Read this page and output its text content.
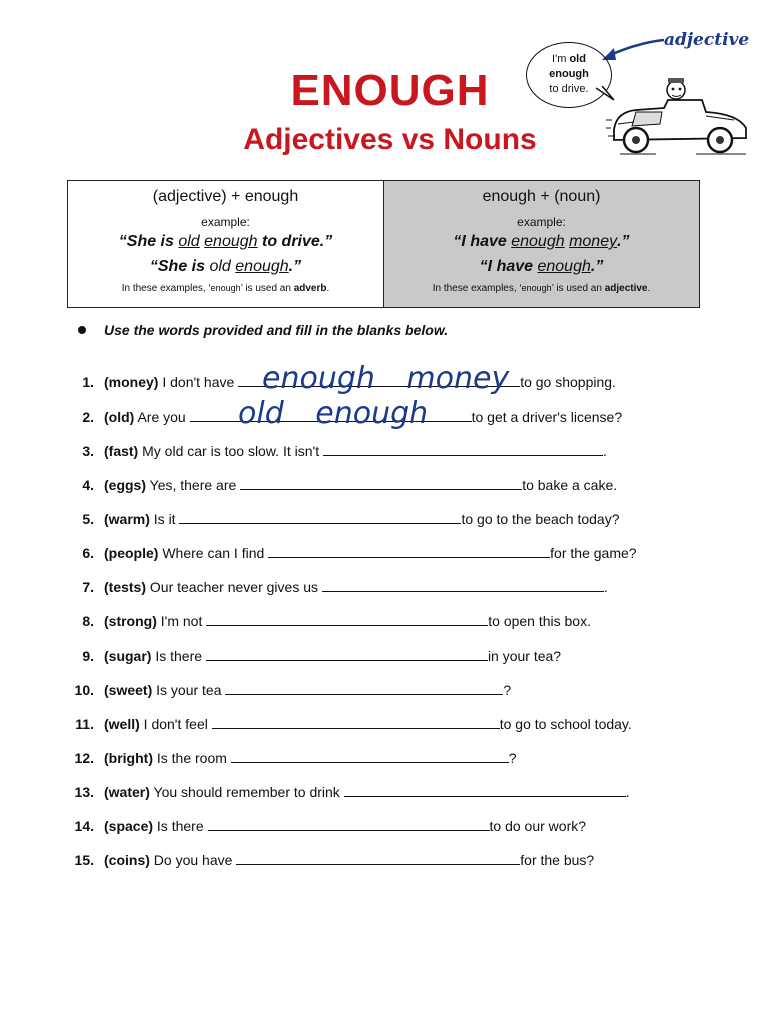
ENOUGH
Adjectives vs Nouns
adjective
I'm old
enough
to drive.
(adjective) + enough
example:
“She is old enough to drive.”
“She is old enough.”
In these examples, ‘enough’ is used an adverb.
enough + (noun)
example:
“I have enough money.”
“I have enough.”
In these examples, ‘enough’ is used an adjective.
Use the words provided and fill in the blanks below.
1. (money) I don't have	to go shopping.
2. (old) Are you	to get a driver's license?
3. (fast) My old car is too slow. It isn't	.
4. (eggs) Yes, there are	to bake a cake.
5. (warm) Is it	to go to the beach today?
6. (people) Where can I find	for the game?
7. (tests) Our teacher never gives us	.
8. (strong) I'm not	to open this box.
9. (sugar) Is there	in your tea?
10. (sweet) Is your tea	?
11. (well) I don't feel	to go to school today.
12. (bright) Is the room	?
13. (water) You should remember to drink	.
14. (space) Is there	to do our work?
15. (coins) Do you have	for the bus?
enough money
old enough
